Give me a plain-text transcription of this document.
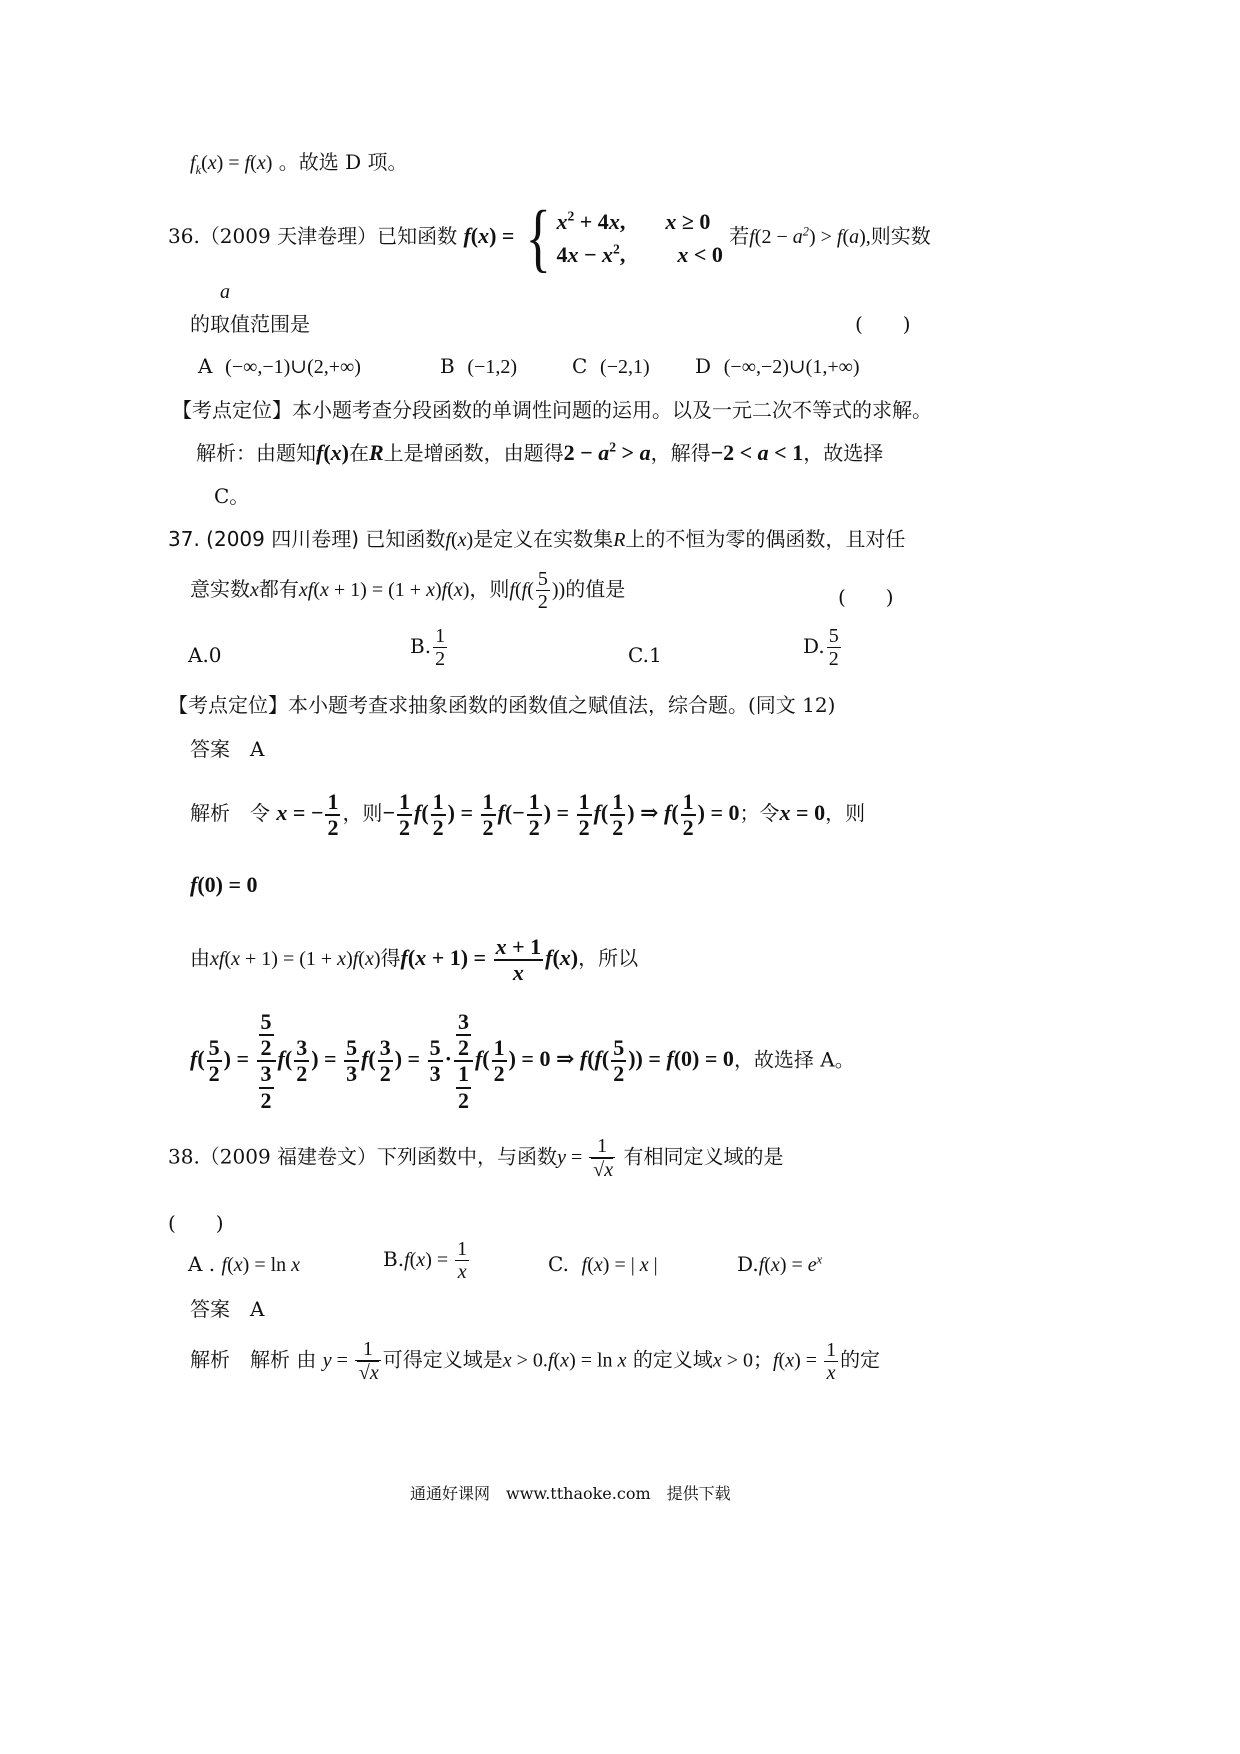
$f_k(x) = f(x)$ 。故选 D 项。
36.（2009 天津卷理）已知函数 f(x) = { $x^2 + 4x$, x ≥ 0
$4x - x^2$, x < 0
若$f(2 - a^2) > f(a)$,则实数
a
的取值范围是	(　　)
A (−∞,−1)∪(2,+∞)	B (−1,2)	C (−2,1) D (−∞,−2)∪(1,+∞)
【考点定位】本小题考查分段函数的单调性问题的运用。以及一元二次不等式的求解。
解析：由题知f(x)在R上是增函数，由题得$2 - a^2 > a$，解得−2 < a < 1，故选择
C。
37. (2009 四川卷理) 已知函数f(x)是定义在实数集R上的不恒为零的偶函数，且对任
意实数x都有xf(x + 1) = (1 + x)f(x)，则$f(f( \frac{5}{2}$ ))的值是	(　　)
A.0	B. $\frac{1}{2}$	C.1	D. $\frac{5}{2}$
【考点定位】本小题考查求抽象函数的函数值之赋值法，综合题。(同文 12)
答案　A
解析　令 x = − $\frac{1}{2}$ ，则− $\frac{1}{2} f( \frac{1}{2}$ ) = $\frac{1}{2} f(- \frac{1}{2}$ ) = $\frac{1}{2} f( \frac{1}{2}$ ) ⇒ $f( \frac{1}{2}$ ) = 0；令x = 0，则
f(0) = 0
由xf(x + 1) = (1 + x)f(x)得$f(x + 1) = \frac{x + 1}{x} f(x)$，所以
$f( \frac{5}{2}$ ) = $\frac{\frac{5}{2}}{\frac{3}{2}} f( \frac{3}{2}$ ) = $\frac{5}{3} f( \frac{3}{2}$ ) = $\frac{5}{3} \cdot \frac{\frac{3}{2}}{\frac{1}{2}} f( \frac{1}{2}$ ) = 0 ⇒ $f(f( \frac{5}{2}$ )) = f(0) = 0，故选择 A。
38.（2009 福建卷文）下列函数中，与函数$y = \frac{1}{√x}$ 有相同定义域的是
(　　)
A . f(x) = ln x	$B.f(x) = \frac{1}{x}$	C. f(x) = | x |	$D.f(x) = e^x$
答案　A
解析　解析 由 $y = \frac{1}{√x}$ 可得定义域是x > 0.f(x) = ln x 的定义域x > 0；$f(x) = \frac{1}{x}$ 的定
通通好课网　www.tthaoke.com　提供下载
